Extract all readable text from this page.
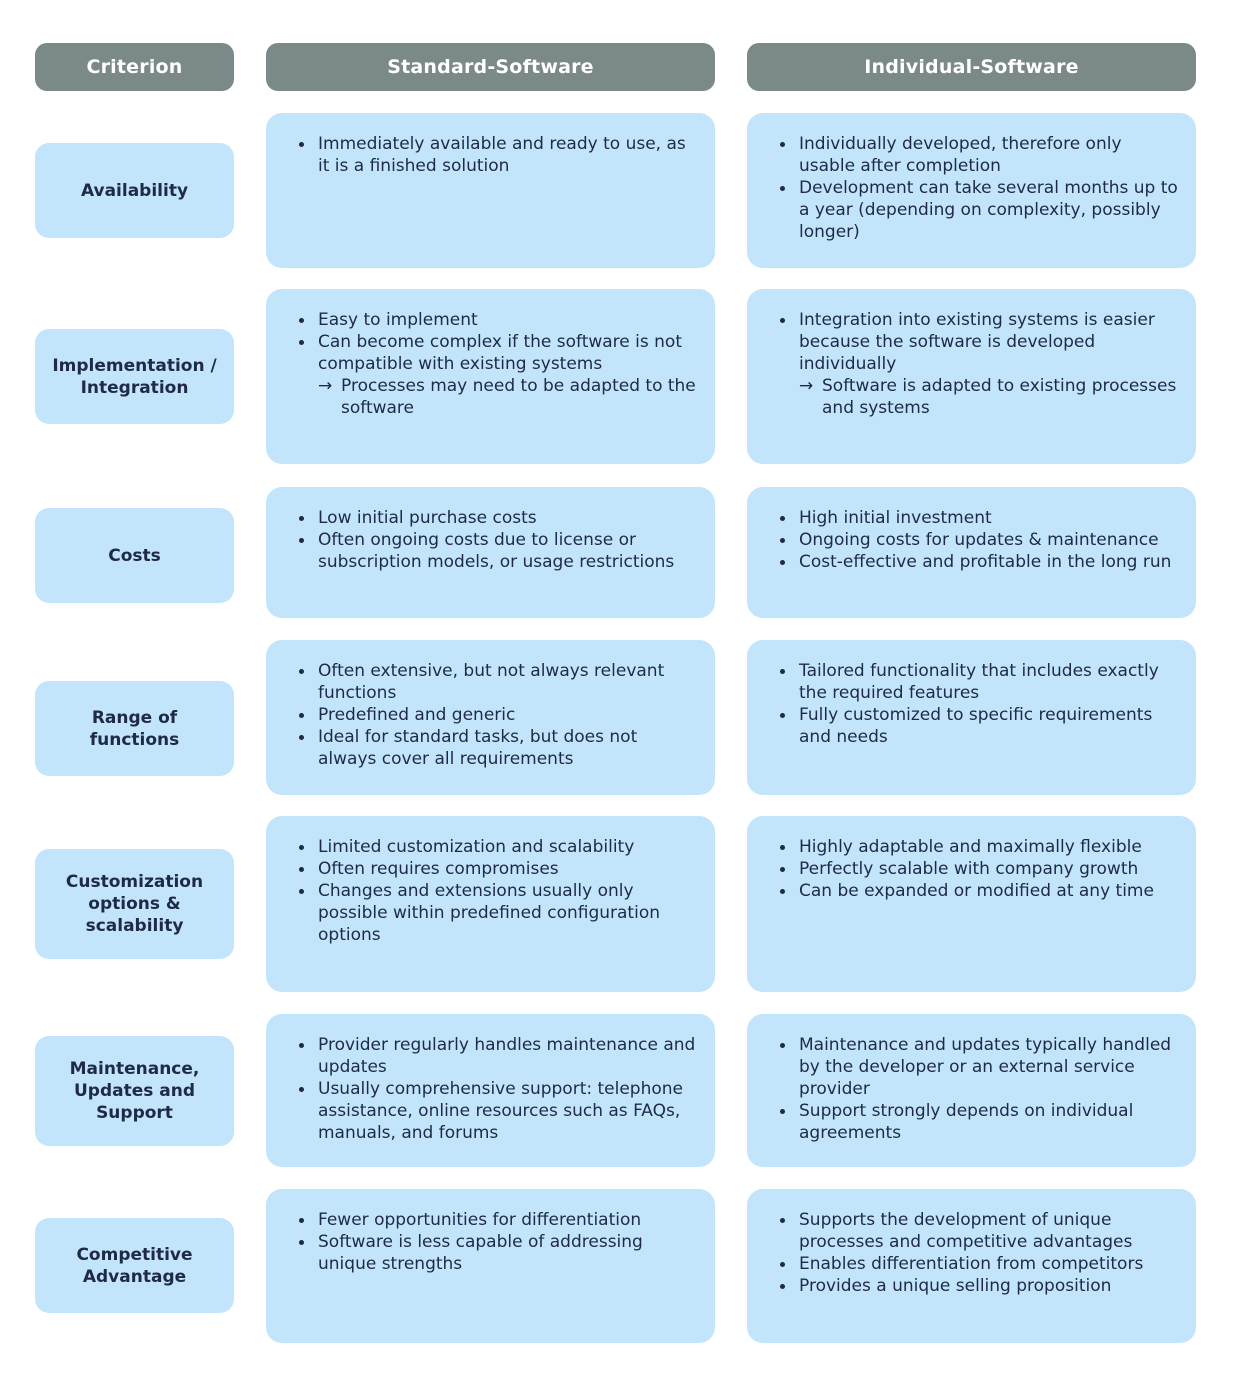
Criterion	Standard-Software	Individual-Software
Availability
Immediately available and ready to use, as it is a finished solution
Individually developed, therefore only usable after completion
Development can take several months up to a year (depending on complexity, possibly longer)
Implementation / Integration
Easy to implement
Can become complex if the software is not compatible with existing systems
→ Processes may need to be adapted to the software
Integration into existing systems is easier because the software is developed individually
→ Software is adapted to existing processes and systems
Costs
Low initial purchase costs
Often ongoing costs due to license or subscription models, or usage restrictions
High initial investment
Ongoing costs for updates & maintenance
Cost-effective and profitable in the long run
Range of functions
Often extensive, but not always relevant functions
Predefined and generic
Ideal for standard tasks, but does not always cover all requirements
Tailored functionality that includes exactly the required features
Fully customized to specific requirements and needs
Customization options & scalability
Limited customization and scalability
Often requires compromises
Changes and extensions usually only possible within predefined configuration options
Highly adaptable and maximally flexible
Perfectly scalable with company growth
Can be expanded or modified at any time
Maintenance, Updates and Support
Provider regularly handles maintenance and updates
Usually comprehensive support: telephone assistance, online resources such as FAQs, manuals, and forums
Maintenance and updates typically handled by the developer or an external service provider
Support strongly depends on individual agreements
Competitive Advantage
Fewer opportunities for differentiation
Software is less capable of addressing unique strengths
Supports the development of unique processes and competitive advantages
Enables differentiation from competitors
Provides a unique selling proposition
